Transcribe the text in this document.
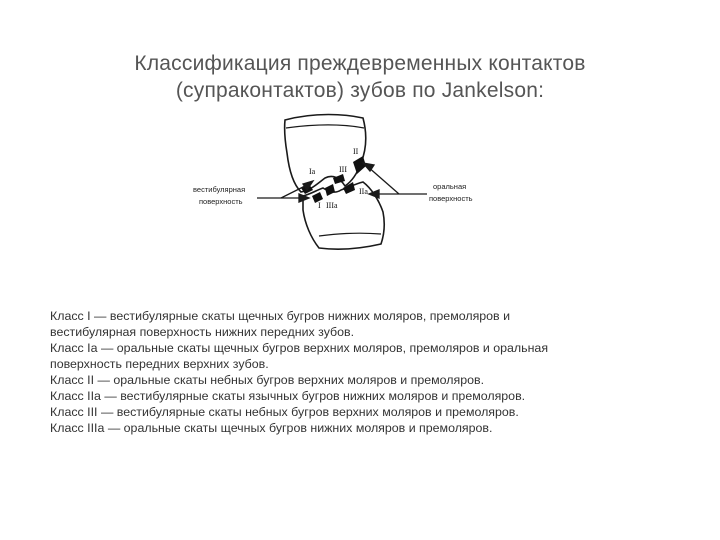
Классификация преждевременных контактов
(супраконтактов) зубов по Jankelson:
вестибулярная
поверхность
оральная
поверхность
Ia
II
III
I IIIa
IIa

Класс I — вестибулярные скаты щечных бугров нижних моляров, премоляров и

вестибулярная поверхность нижних передних зубов.

Класс Ia — оральные скаты щечных бугров верхних моляров, премоляров и оральная

поверхность передних верхних зубов.

Класс II — оральные скаты небных бугров верхних моляров и премоляров.

Класс IIa — вестибулярные скаты язычных бугров нижних моляров и премоляров.

Класс III — вестибулярные скаты небных бугров верхних моляров и премоляров.

Класс IIIa — оральные скаты щечных бугров нижних моляров и премоляров.
